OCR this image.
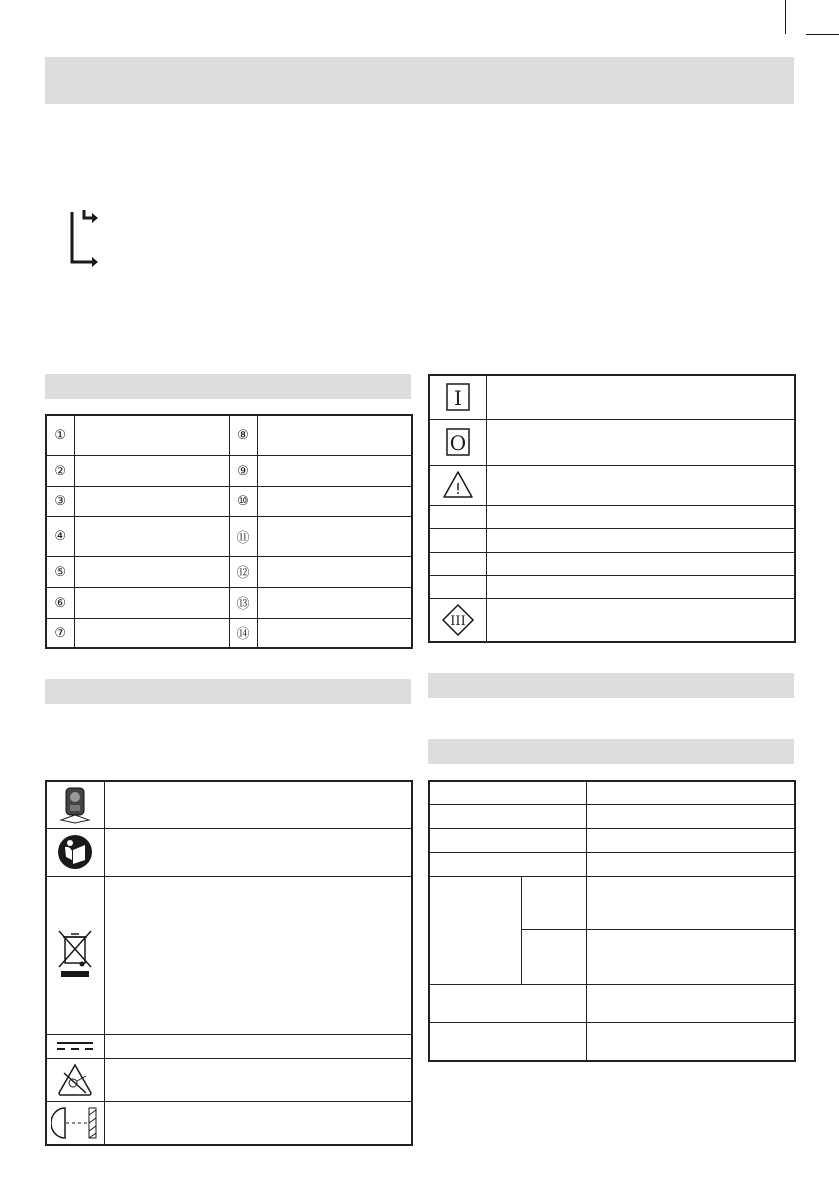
①		⑧	
②		⑨	
③		⑩	
④		⑪	
⑤		⑫	
⑥		⑬	
⑦		⑭	

I	

O	

!	

III	
